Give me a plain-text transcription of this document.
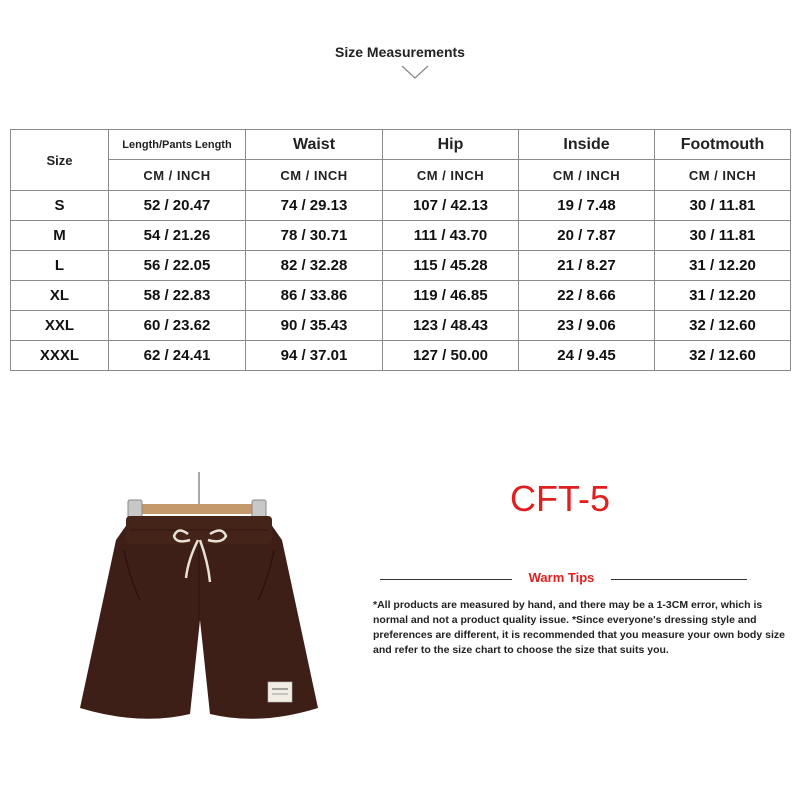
Size Measurements
Size	Length/Pants Length	Waist	Hip	Inside	Footmouth
	CM / INCH	CM / INCH	CM / INCH	CM / INCH	CM / INCH
S	52 / 20.47	74 / 29.13	107 / 42.13	19 / 7.48	30 / 11.81
M	54 / 21.26	78 / 30.71	111 / 43.70	20 / 7.87	30 / 11.81
L	56 / 22.05	82 / 32.28	115 / 45.28	21 / 8.27	31 / 12.20
XL	58 / 22.83	86 / 33.86	119 / 46.85	22 / 8.66	31 / 12.20
XXL	60 / 23.62	90 / 35.43	123 / 48.43	23 / 9.06	32 / 12.60
XXXL	62 / 24.41	94 / 37.01	127 / 50.00	24 / 9.45	32 / 12.60
CFT-5
Warm Tips
*All products are measured by hand, and there may be a 1-3CM error, which is normal and not a product quality issue. *Since everyone's dressing style and preferences are different, it is recommended that you measure your own body size and refer to the size chart to choose the size that suits you.
